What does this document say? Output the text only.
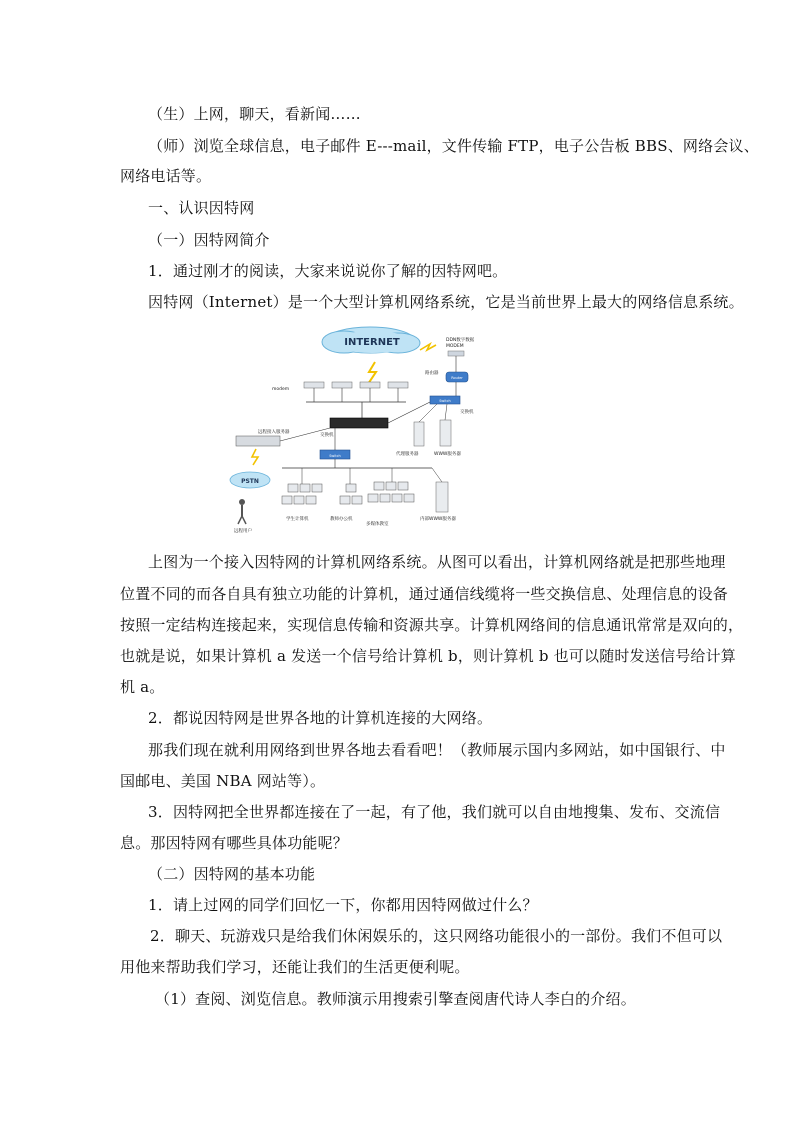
（生）上网，聊天，看新闻……
（师）浏览全球信息，电子邮件 E---mail，文件传输 FTP，电子公告板 BBS、网络会议、
网络电话等。
一、认识因特网
（一）因特网简介
1．通过刚才的阅读，大家来说说你了解的因特网吧。
因特网（Internet）是一个大型计算机网络系统，它是当前世界上最大的网络信息系统。
INTERNET	DDN数字数据
MODEM
路由器
Router
Switch
交换机
modem
交换机
代理服务器	WWW服务器
远程接入服务器
Switch
PSTN
远程用户
学生计算机	教师办公机
多媒体教室
内部WWW服务器
上图为一个接入因特网的计算机网络系统。从图可以看出，计算机网络就是把那些地理
位置不同的而各自具有独立功能的计算机，通过通信线缆将一些交换信息、处理信息的设备
按照一定结构连接起来，实现信息传输和资源共享。计算机网络间的信息通讯常常是双向的，
也就是说，如果计算机 a 发送一个信号给计算机 b，则计算机 b 也可以随时发送信号给计算
机 a。
2．都说因特网是世界各地的计算机连接的大网络。
那我们现在就利用网络到世界各地去看看吧！（教师展示国内多网站，如中国银行、中
国邮电、美国 NBA 网站等）。
3．因特网把全世界都连接在了一起，有了他，我们就可以自由地搜集、发布、交流信
息。那因特网有哪些具体功能呢？
（二）因特网的基本功能
1．请上过网的同学们回忆一下，你都用因特网做过什么？
2．聊天、玩游戏只是给我们休闲娱乐的，这只网络功能很小的一部份。我们不但可以
用他来帮助我们学习，还能让我们的生活更便利呢。
（1）查阅、浏览信息。教师演示用搜索引擎查阅唐代诗人李白的介绍。
